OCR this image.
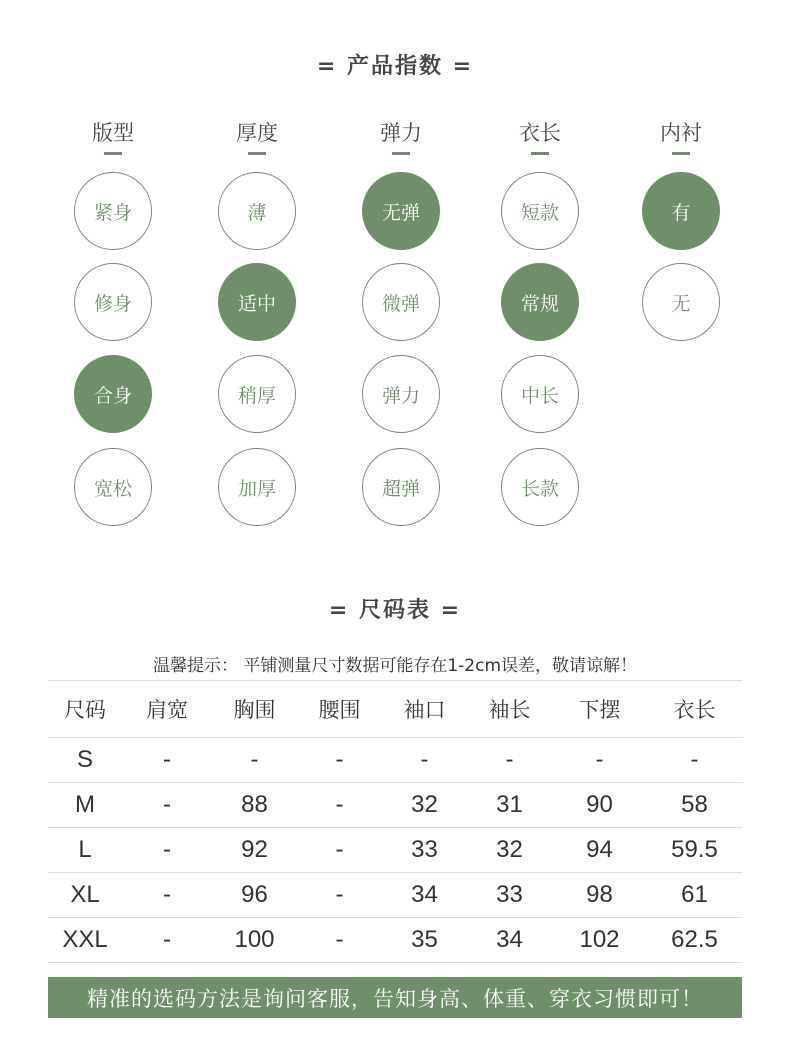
= 产品指数 =
版型
紧身
修身
合身
宽松
厚度
薄
适中
稍厚
加厚
弹力
无弹
微弹
弹力
超弹
衣长
短款
常规
中长
长款
内衬
有
无
= 尺码表 =
温馨提示： 平铺测量尺寸数据可能存在1-2cm误差，敬请谅解！
尺码	肩宽	胸围	腰围	袖口	袖长	下摆	衣长
S	-	-	-	-	-	-	-
M	-	88	-	32	31	90	58
L	-	92	-	33	32	94	59.5
XL	-	96	-	34	33	98	61
XXL	-	100	-	35	34	102	62.5
精准的选码方法是询问客服，告知身高、体重、穿衣习惯即可！
